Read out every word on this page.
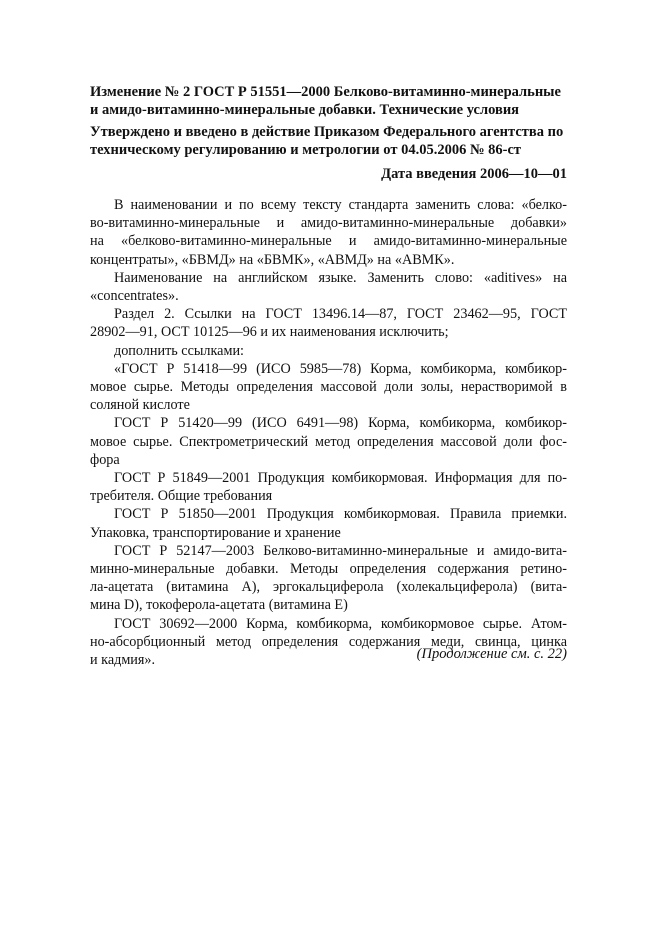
Изменение № 2 ГОСТ Р 51551—2000 Белково-витаминно-минеральные
и амидо-витаминно-минеральные добавки. Технические условия
Утверждено и введено в действие Приказом Федерального агентства по
техническому регулированию и метрологии от 04.05.2006 № 86-ст
Дата введения 2006—10—01

В наименовании и по всему тексту стандарта заменить слова: «белко-
во-витаминно-минеральные и амидо-витаминно-минеральные добавки»
на «белково-витаминно-минеральные и амидо-витаминно-минеральные
концентраты», «БВМД» на «БВМК», «АВМД» на «АВМК».

Наименование на английском языке. Заменить слово: «aditives» на
«concentrates».

Раздел 2. Ссылки на ГОСТ 13496.14—87, ГОСТ 23462—95, ГОСТ
28902—91, ОСТ 10125—96 и их наименования исключить;

дополнить ссылками:

«ГОСТ Р 51418—99 (ИСО 5985—78) Корма, комбикорма, комбикор-
мовое сырье. Методы определения массовой доли золы, нерастворимой в
соляной кислоте

ГОСТ Р 51420—99 (ИСО 6491—98) Корма, комбикорма, комбикор-
мовое сырье. Спектрометрический метод определения массовой доли фос-
фора

ГОСТ Р 51849—2001 Продукция комбикормовая. Информация для по-
требителя. Общие требования

ГОСТ Р 51850—2001 Продукция комбикормовая. Правила приемки.
Упаковка, транспортирование и хранение

ГОСТ Р 52147—2003 Белково-витаминно-минеральные и амидо-вита-
минно-минеральные добавки. Методы определения содержания ретино-
ла-ацетата (витамина А), эргокальциферола (холекальциферола) (вита-
мина D), токоферола-ацетата (витамина Е)

ГОСТ 30692—2000 Корма, комбикорма, комбикормовое сырье. Атом-
но-абсорбционный метод определения содержания меди, свинца, цинка
и кадмия».	(Продолжение см. с. 22)
